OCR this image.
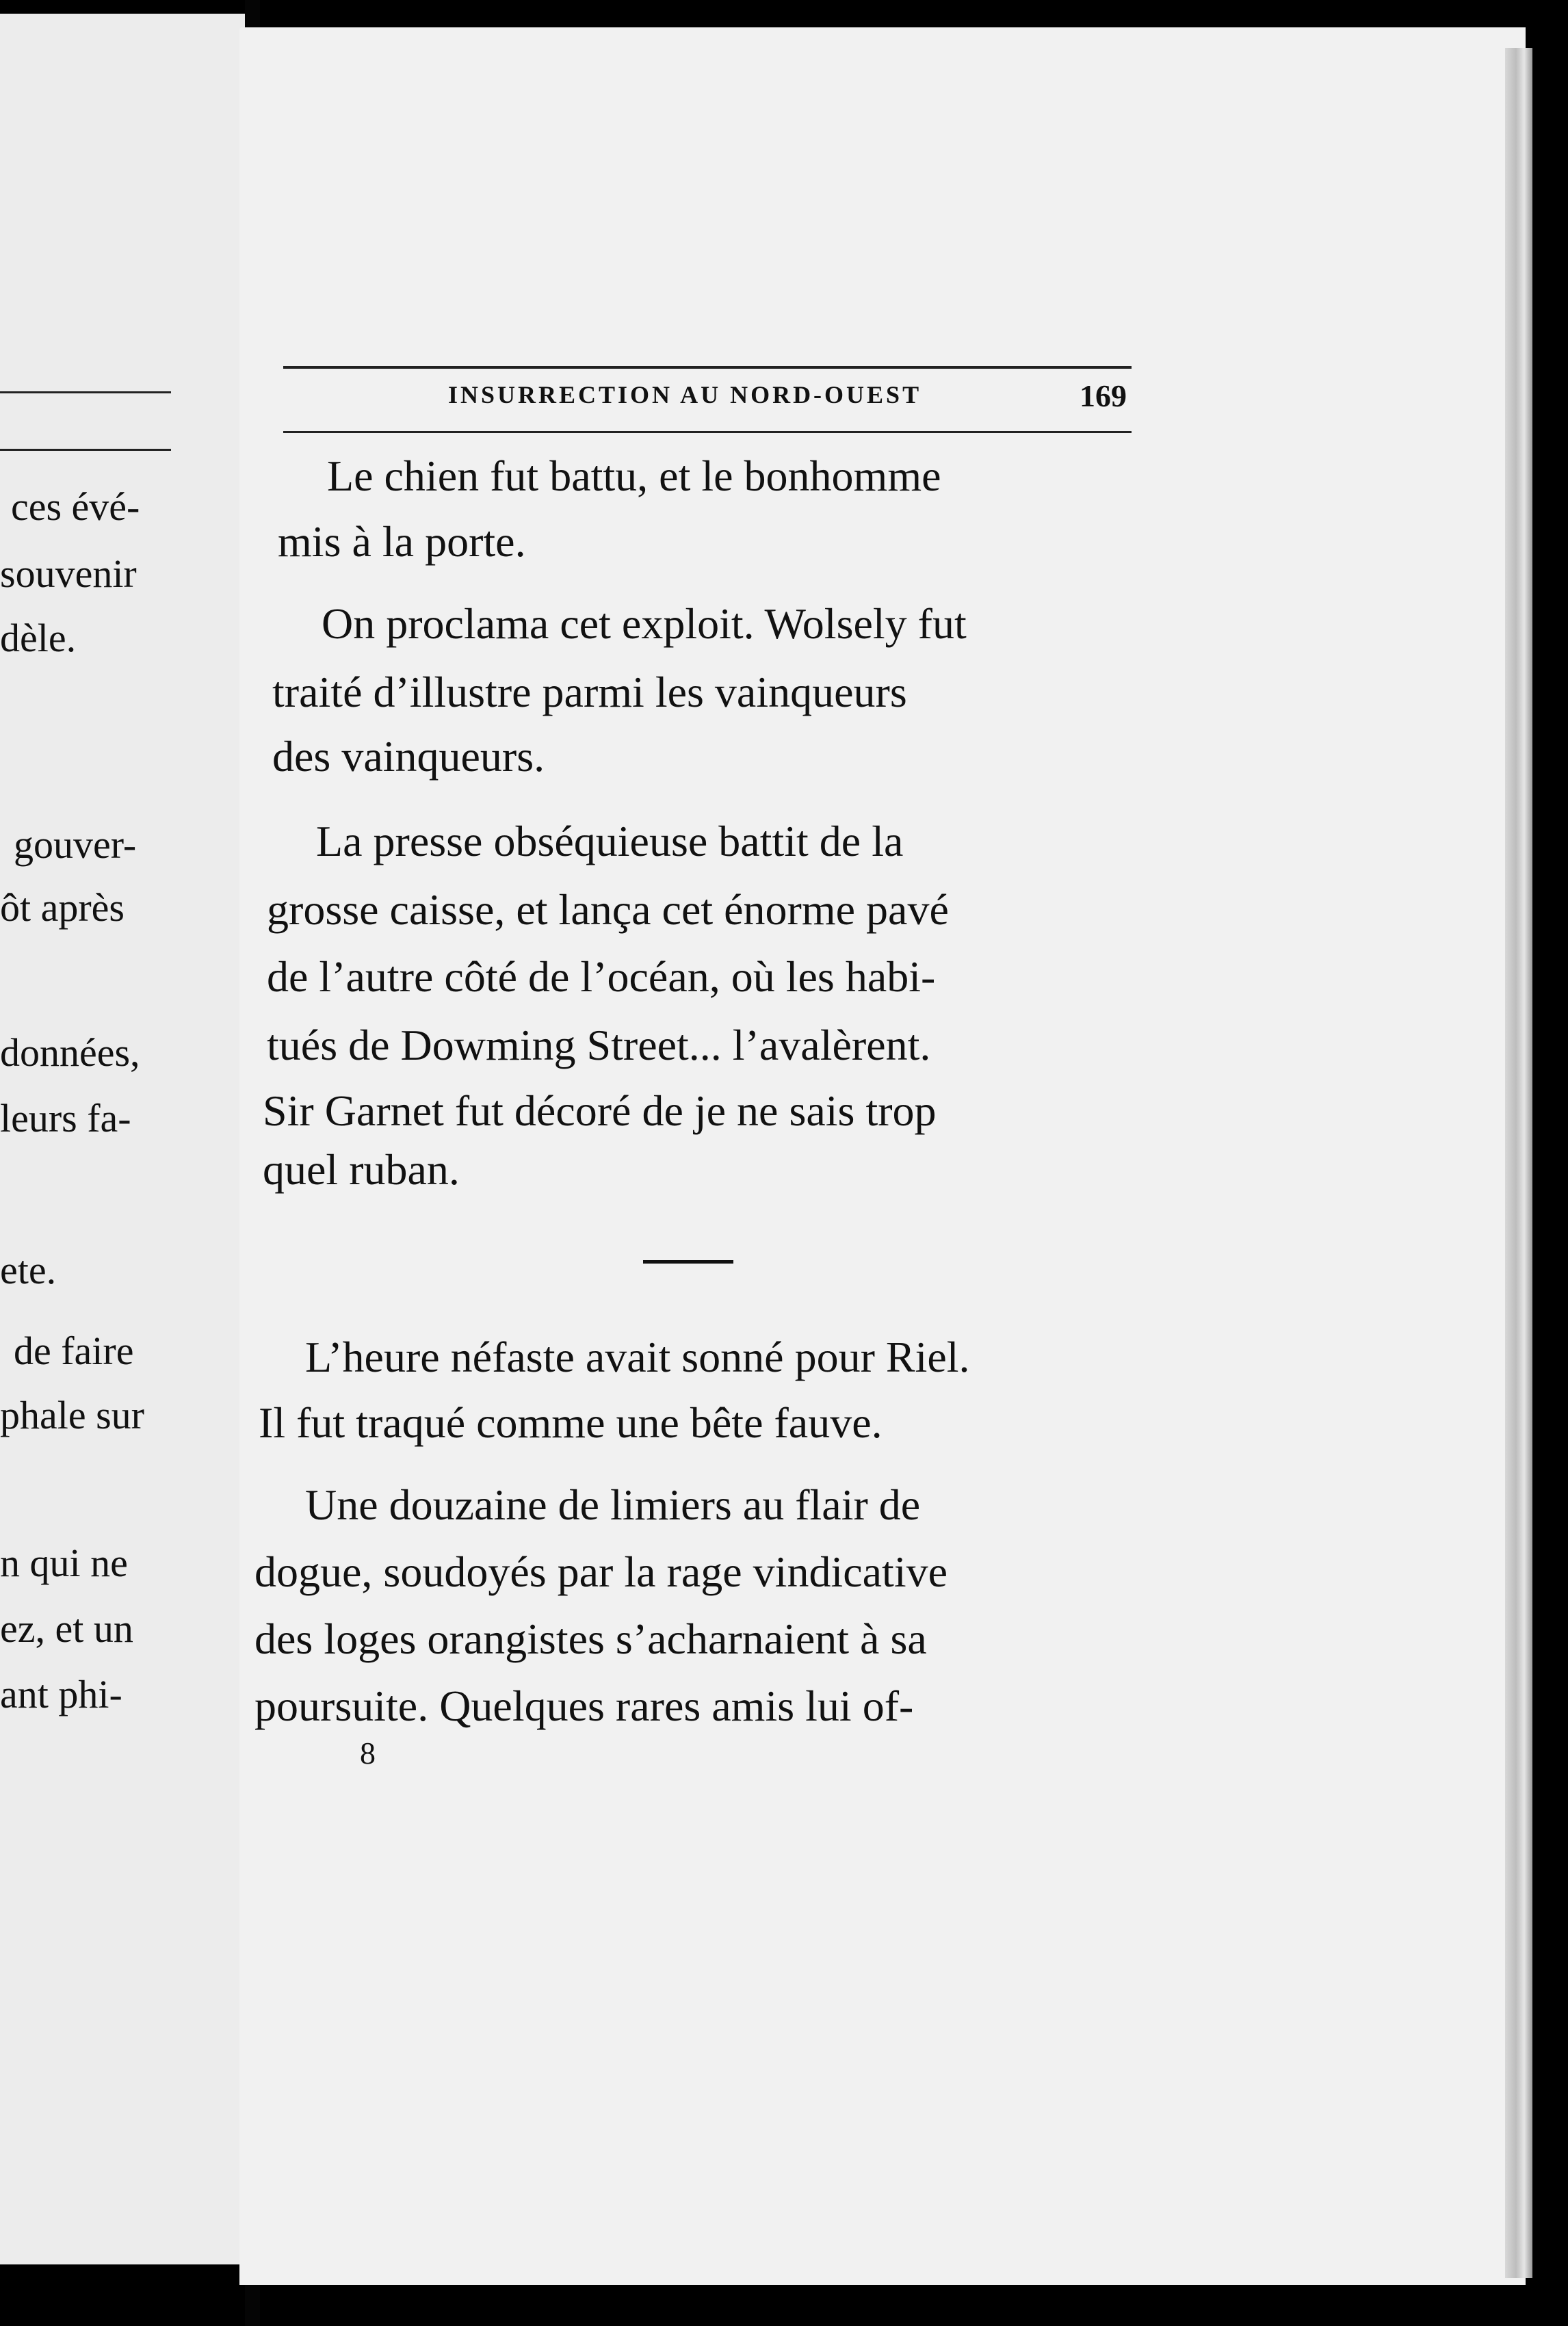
ces évé-
souvenir
dèle.
gouver-
ôt après
données,
leurs fa-
ete.
de faire
phale sur
n qui ne
ez, et un
ant phi-
INSURRECTION AU NORD-OUEST	169
Le chien fut battu, et le bonhomme
mis à la porte.
On proclama cet exploit. Wolsely fut
traité d’illustre parmi les vainqueurs
des vainqueurs.
La presse obséquieuse battit de la
grosse caisse, et lança cet énorme pavé
de l’autre côté de l’océan, où les habi-
tués de Dowming Street... l’avalèrent.
Sir Garnet fut décoré de je ne sais trop
quel ruban.
L’heure néfaste avait sonné pour Riel.
Il fut traqué comme une bête fauve.
Une douzaine de limiers au flair de
dogue, soudoyés par la rage vindicative
des loges orangistes s’acharnaient à sa
poursuite. Quelques rares amis lui of-
8
